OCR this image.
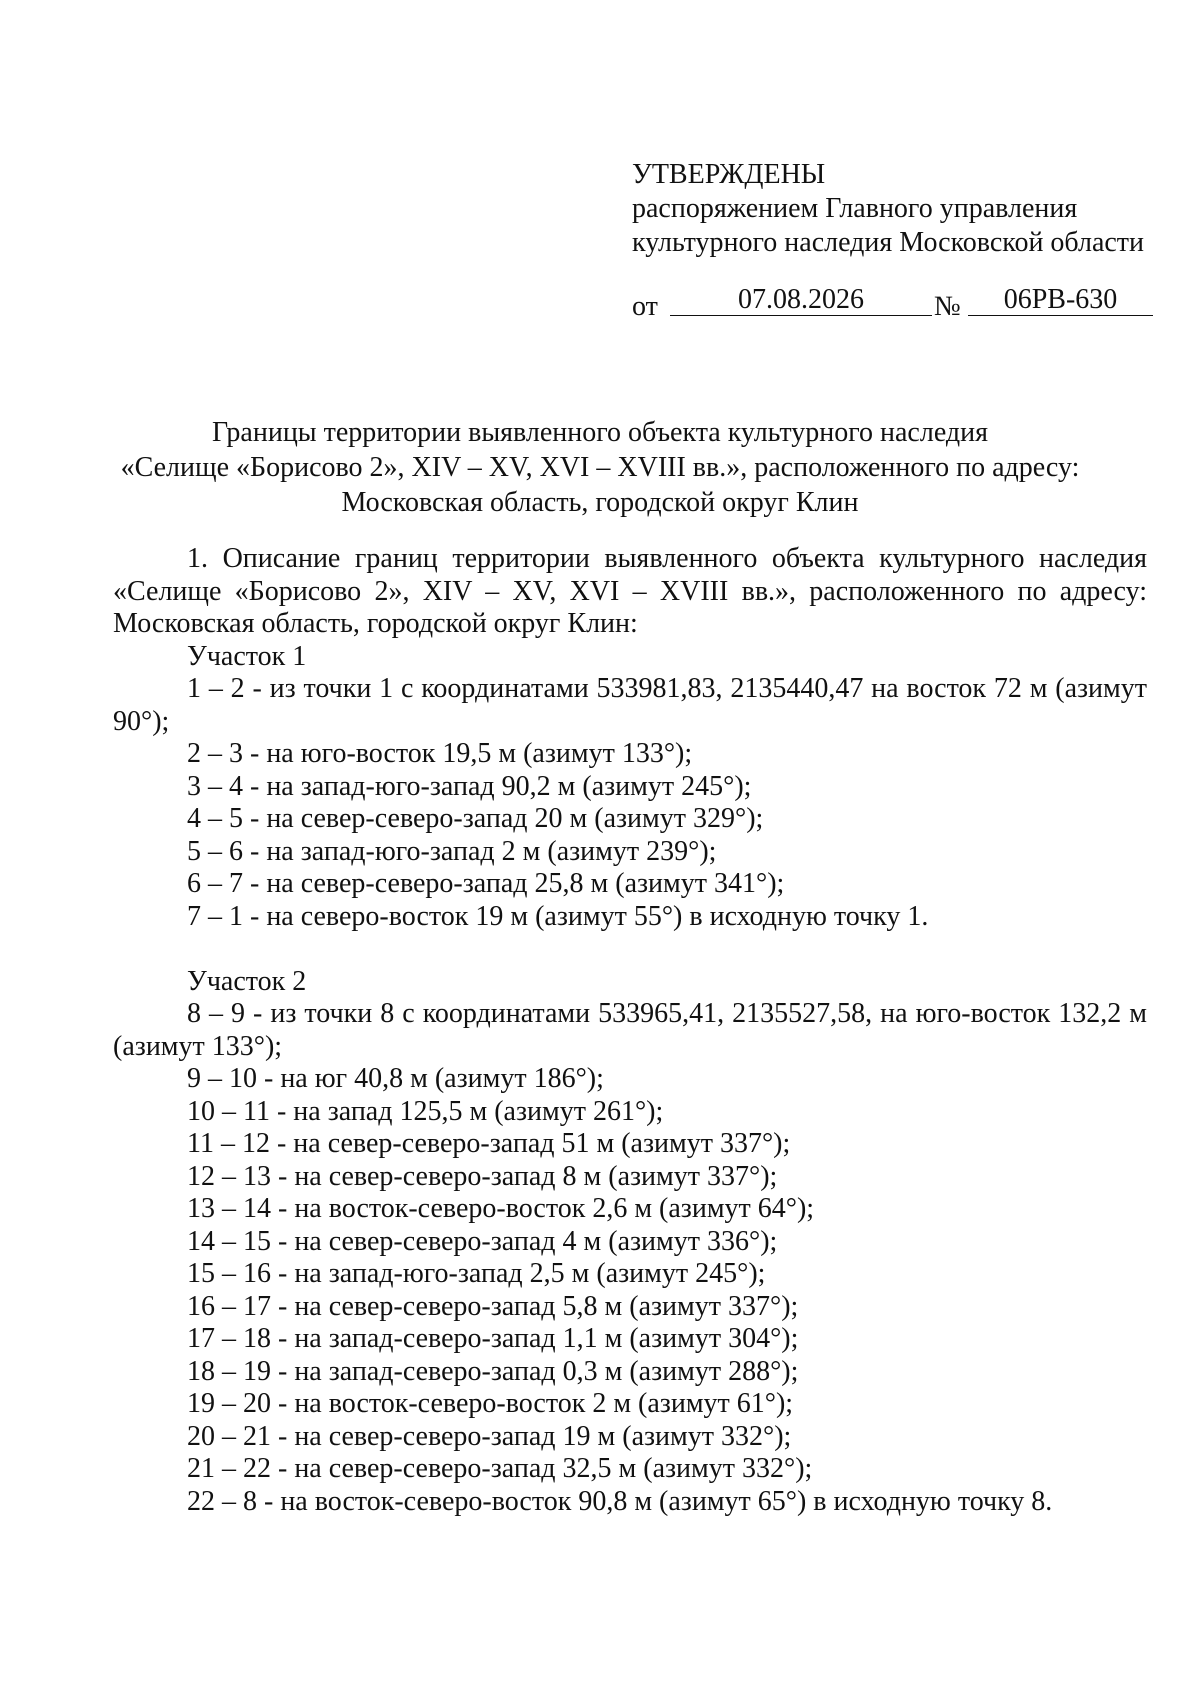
УТВЕРЖДЕНЫ
распоряжением Главного управления
культурного наследия Московской области
от	07.08.2026	№	06РВ-630
Границы территории выявленного объекта культурного наследия
«Селище «Борисово 2», XIV – XV, XVI – XVIII вв.», расположенного по адресу:
Московская область, городской округ Клин

1. Описание границ территории выявленного объекта культурного наследия «Селище «Борисово 2», XIV – XV, XVI – XVIII вв.», расположенного по адресу: Московская область, городской округ Клин:

Участок 1

1 – 2 - из точки 1 с координатами 533981,83, 2135440,47 на восток 72 м (азимут 90°);

2 – 3 - на юго-восток 19,5 м (азимут 133°);

3 – 4 - на запад-юго-запад 90,2 м (азимут 245°);

4 – 5 - на север-северо-запад 20 м (азимут 329°);

5 – 6 - на запад-юго-запад 2 м (азимут 239°);

6 – 7 - на север-северо-запад 25,8 м (азимут 341°);

7 – 1 - на северо-восток 19 м (азимут 55°) в исходную точку 1.

Участок 2

8 – 9 - из точки 8 с координатами 533965,41, 2135527,58, на юго-восток 132,2 м (азимут 133°);

9 – 10 - на юг 40,8 м (азимут 186°);

10 – 11 - на запад 125,5 м (азимут 261°);

11 – 12 - на север-северо-запад 51 м (азимут 337°);

12 – 13 - на север-северо-запад 8 м (азимут 337°);

13 – 14 - на восток-северо-восток 2,6 м (азимут 64°);

14 – 15 - на север-северо-запад 4 м (азимут 336°);

15 – 16 - на запад-юго-запад 2,5 м (азимут 245°);

16 – 17 - на север-северо-запад 5,8 м (азимут 337°);

17 – 18 - на запад-северо-запад 1,1 м (азимут 304°);

18 – 19 - на запад-северо-запад 0,3 м (азимут 288°);

19 – 20 - на восток-северо-восток 2 м (азимут 61°);

20 – 21 - на север-северо-запад 19 м (азимут 332°);

21 – 22 - на север-северо-запад 32,5 м (азимут 332°);

22 – 8 - на восток-северо-восток 90,8 м (азимут 65°) в исходную точку 8.
